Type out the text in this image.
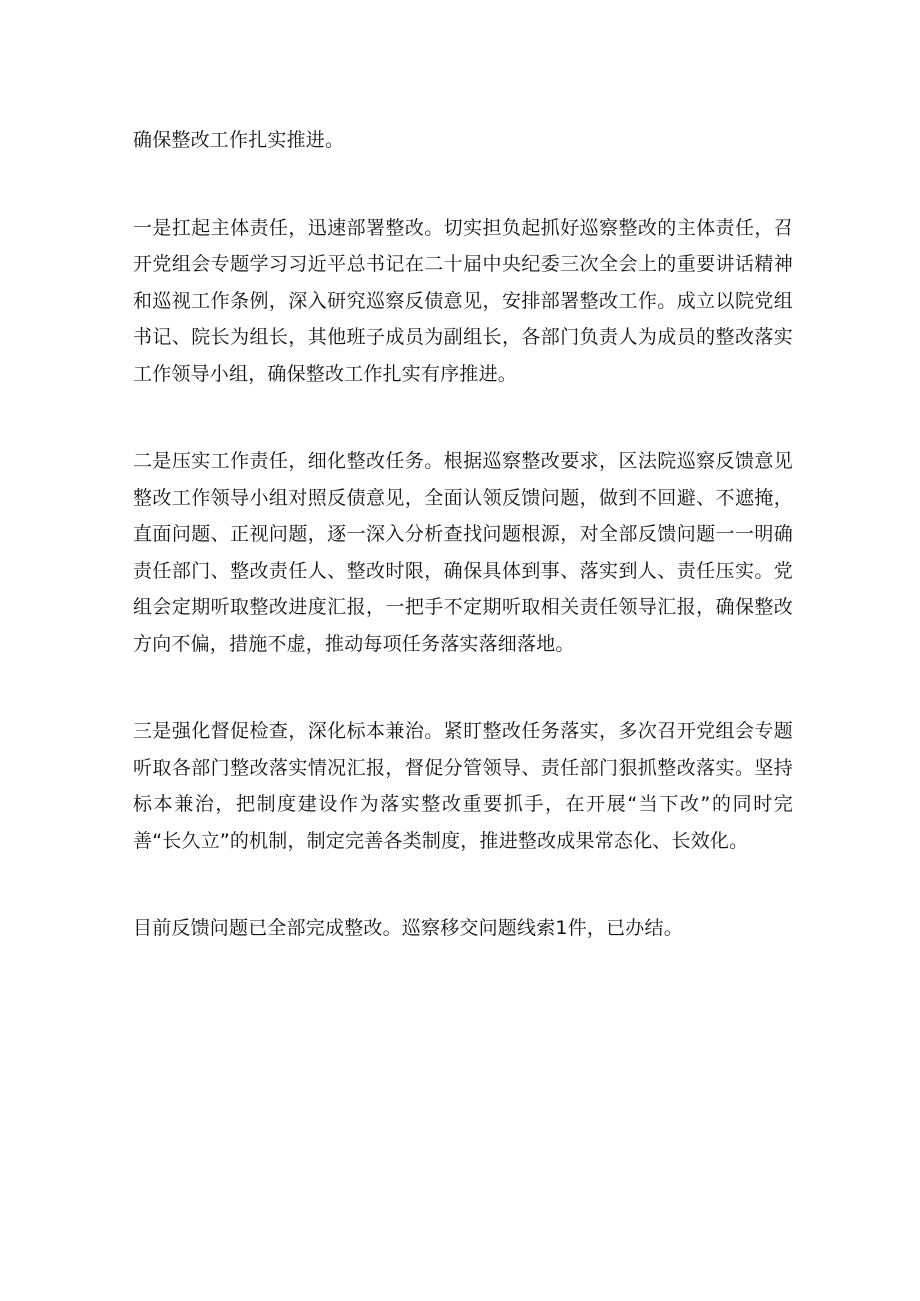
确保整改工作扎实推进。

一是扛起主体责任，迅速部署整改。切实担负起抓好巡察整改的主体责任，召开党组会专题学习习近平总书记在二十届中央纪委三次全会上的重要讲话精神和巡视工作条例，深入研究巡察反债意见，安排部署整改工作。成立以院党组书记、院长为组长，其他班子成员为副组长，各部门负责人为成员的整改落实工作领导小组，确保整改工作扎实有序推进。

二是压实工作责任，细化整改任务。根据巡察整改要求，区法院巡察反馈意见整改工作领导小组对照反债意见，全面认领反馈问题，做到不回避、不遮掩，直面问题、正视问题，逐一深入分析查找问题根源，对全部反馈问题一一明确责任部门、整改责任人、整改时限，确保具体到事、落实到人、责任压实。党组会定期听取整改进度汇报，一把手不定期听取相关责任领导汇报，确保整改方向不偏，措施不虚，推动每项任务落实落细落地。

三是强化督促检查，深化标本兼治。紧盯整改任务落实，多次召开党组会专题听取各部门整改落实情况汇报，督促分管领导、责任部门狠抓整改落实。坚持标本兼治，把制度建设作为落实整改重要抓手，在开展“当下改”的同时完善“长久立”的机制，制定完善各类制度，推进整改成果常态化、长效化。

目前反馈问题已全部完成整改。巡察移交问题线索1件，已办结。
